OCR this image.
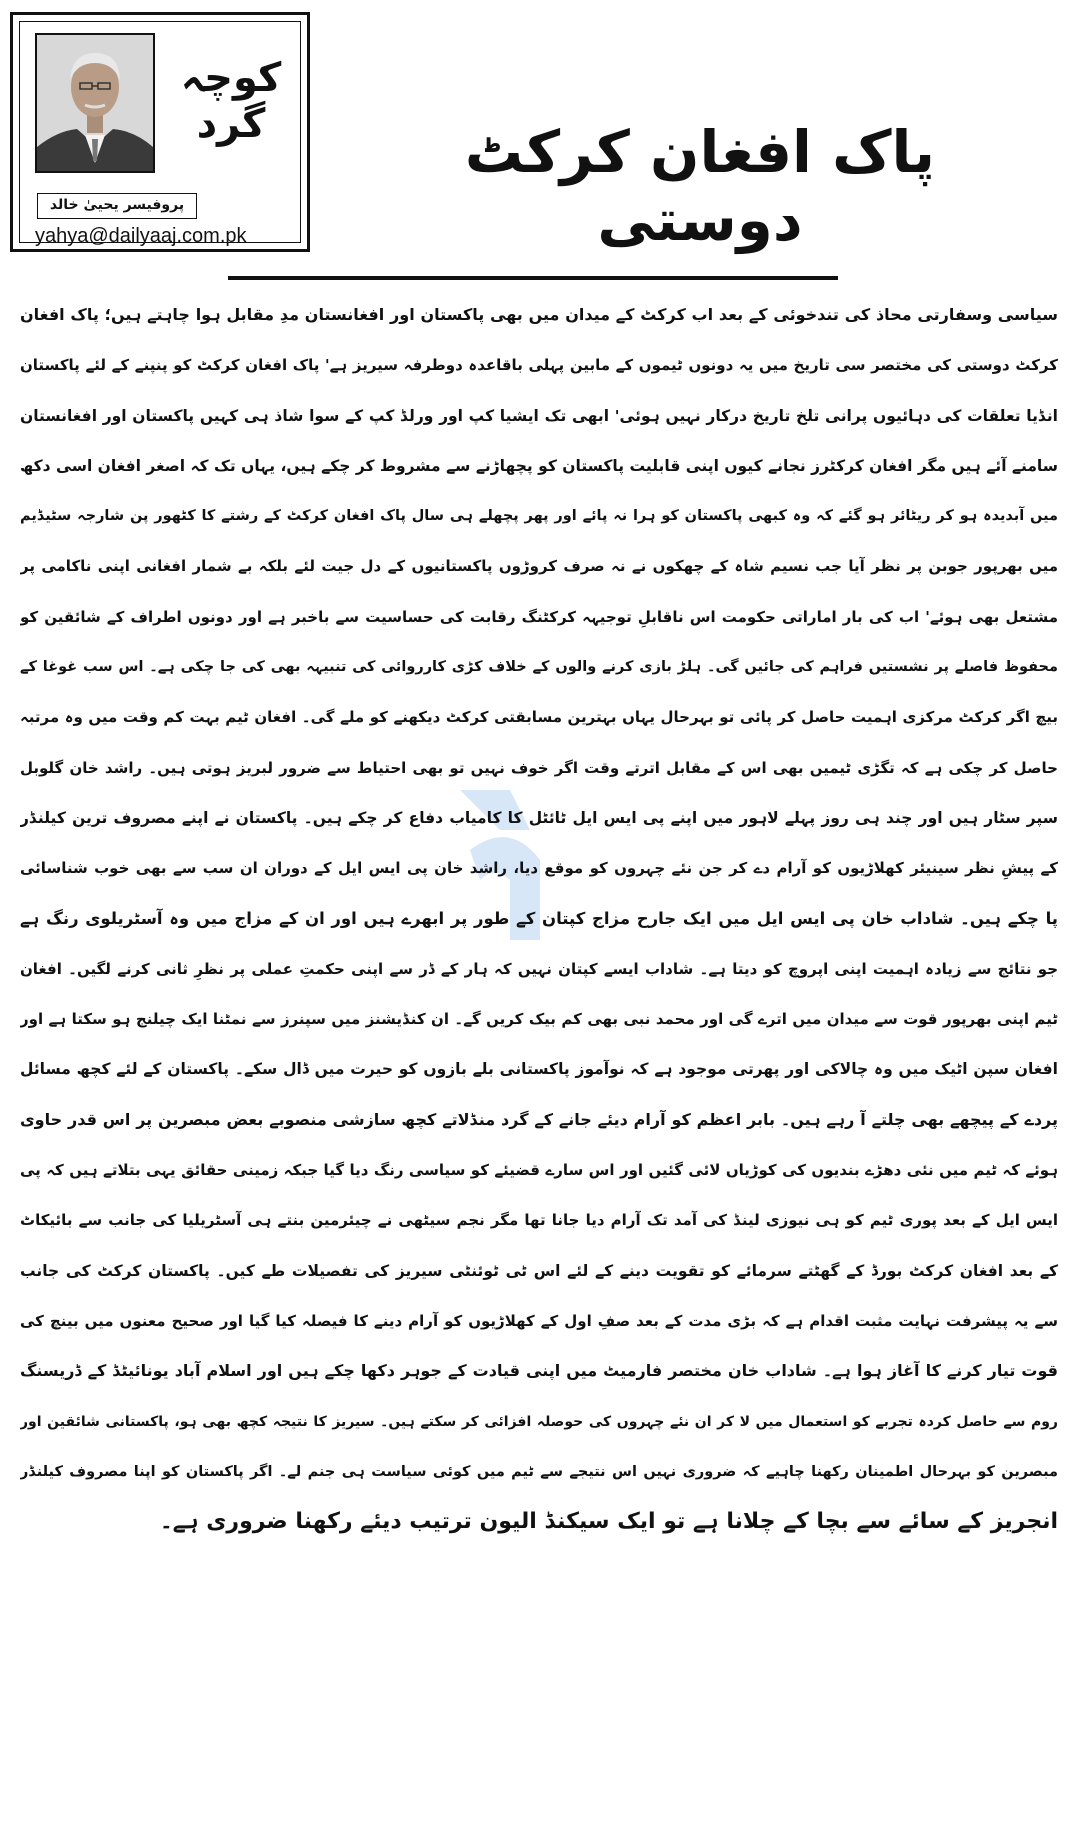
کوچہ گرد
پروفیسر یحییٰ خالد
yahya@dailyaaj.com.pk
پاک افغان کرکٹ دوستی
سیاسی وسفارتی محاذ کی تندخوئی کے بعد اب کرکٹ کے میدان میں بھی پاکستان اور افغانستان مدِ مقابل ہوا چاہتے ہیں؛ پاک افغان
کرکٹ دوستی کی مختصر سی تاریخ میں یہ دونوں ٹیموں کے مابین پہلی باقاعدہ دوطرفہ سیریز ہے' پاک افغان کرکٹ کو پنپنے کے لئے پاکستان
انڈیا تعلقات کی دہائیوں پرانی تلخ تاریخ درکار نہیں ہوئی' ابھی تک ایشیا کپ اور ورلڈ کپ کے سوا شاذ ہی کہیں پاکستان اور افغانستان
سامنے آئے ہیں مگر افغان کرکٹرز نجانے کیوں اپنی قابلیت پاکستان کو پچھاڑنے سے مشروط کر چکے ہیں، یہاں تک کہ اصغر افغان اسی دکھ
میں آبدیدہ ہو کر ریٹائر ہو گئے کہ وہ کبھی پاکستان کو ہرا نہ پائے اور پھر پچھلے ہی سال پاک افغان کرکٹ کے رشتے کا کٹھور پن شارجہ سٹیڈیم
میں بھرپور جوبن پر نظر آیا جب نسیم شاہ کے چھکوں نے نہ صرف کروڑوں پاکستانیوں کے دل جیت لئے بلکہ بے شمار افغانی اپنی ناکامی پر
مشتعل بھی ہوئے' اب کی بار اماراتی حکومت اس ناقابلِ توجیہہ کرکٹنگ رقابت کی حساسیت سے باخبر ہے اور دونوں اطراف کے شائقین کو
محفوظ فاصلے پر نشستیں فراہم کی جائیں گی۔ ہلڑ بازی کرنے والوں کے خلاف کڑی کارروائی کی تنبیہہ بھی کی جا چکی ہے۔ اس سب غوغا کے
بیچ اگر کرکٹ مرکزی اہمیت حاصل کر پائی تو بہرحال یہاں بہترین مسابقتی کرکٹ دیکھنے کو ملے گی۔ افغان ٹیم بہت کم وقت میں وہ مرتبہ
حاصل کر چکی ہے کہ تگڑی ٹیمیں بھی اس کے مقابل اترتے وقت اگر خوف نہیں تو بھی احتیاط سے ضرور لبریز ہوتی ہیں۔ راشد خان گلوبل
سپر سٹار ہیں اور چند ہی روز پہلے لاہور میں اپنے پی ایس ایل ٹائٹل کا کامیاب دفاع کر چکے ہیں۔ پاکستان نے اپنے مصروف ترین کیلنڈر
کے پیشِ نظر سینیئر کھلاڑیوں کو آرام دے کر جن نئے چہروں کو موقع دیا، راشد خان پی ایس ایل کے دوران ان سب سے بھی خوب شناسائی
پا چکے ہیں۔ شاداب خان پی ایس ایل میں ایک جارح مزاج کپتان کے طور پر ابھرے ہیں اور ان کے مزاج میں وہ آسٹریلوی رنگ ہے
جو نتائج سے زیادہ اہمیت اپنی اپروچ کو دیتا ہے۔ شاداب ایسے کپتان نہیں کہ ہار کے ڈر سے اپنی حکمتِ عملی پر نظرِ ثانی کرنے لگیں۔ افغان
ٹیم اپنی بھرپور قوت سے میدان میں اترے گی اور محمد نبی بھی کم بیک کریں گے۔ ان کنڈیشنز میں سپنرز سے نمٹنا ایک چیلنج ہو سکتا ہے اور
افغان سپن اٹیک میں وہ چالاکی اور پھرتی موجود ہے کہ نوآموز پاکستانی بلے بازوں کو حیرت میں ڈال سکے۔ پاکستان کے لئے کچھ مسائل
پردے کے پیچھے بھی چلتے آ رہے ہیں۔ بابر اعظم کو آرام دیئے جانے کے گرد منڈلاتے کچھ سازشی منصوبے بعض مبصرین پر اس قدر حاوی
ہوئے کہ ٹیم میں نئی دھڑے بندیوں کی کوڑیاں لائی گئیں اور اس سارے قضیئے کو سیاسی رنگ دیا گیا جبکہ زمینی حقائق یہی بتلاتے ہیں کہ پی
ایس ایل کے بعد پوری ٹیم کو ہی نیوزی لینڈ کی آمد تک آرام دیا جانا تھا مگر نجم سیٹھی نے چیئرمین بنتے ہی آسٹریلیا کی جانب سے بائیکاٹ
کے بعد افغان کرکٹ بورڈ کے گھٹتے سرمائے کو تقویت دینے کے لئے اس ٹی ٹوئنٹی سیریز کی تفصیلات طے کیں۔ پاکستان کرکٹ کی جانب
سے یہ پیشرفت نہایت مثبت اقدام ہے کہ بڑی مدت کے بعد صفِ اول کے کھلاڑیوں کو آرام دینے کا فیصلہ کیا گیا اور صحیح معنوں میں بینچ کی
قوت تیار کرنے کا آغاز ہوا ہے۔ شاداب خان مختصر فارمیٹ میں اپنی قیادت کے جوہر دکھا چکے ہیں اور اسلام آباد یونائیٹڈ کے ڈریسنگ
روم سے حاصل کردہ تجربے کو استعمال میں لا کر ان نئے چہروں کی حوصلہ افزائی کر سکتے ہیں۔ سیریز کا نتیجہ کچھ بھی ہو، پاکستانی شائقین اور
مبصرین کو بہرحال اطمینان رکھنا چاہیے کہ ضروری نہیں اس نتیجے سے ٹیم میں کوئی سیاست ہی جنم لے۔ اگر پاکستان کو اپنا مصروف کیلنڈر
انجریز کے سائے سے بچا کے چلانا ہے تو ایک سیکنڈ الیون ترتیب دیئے رکھنا ضروری ہے۔
